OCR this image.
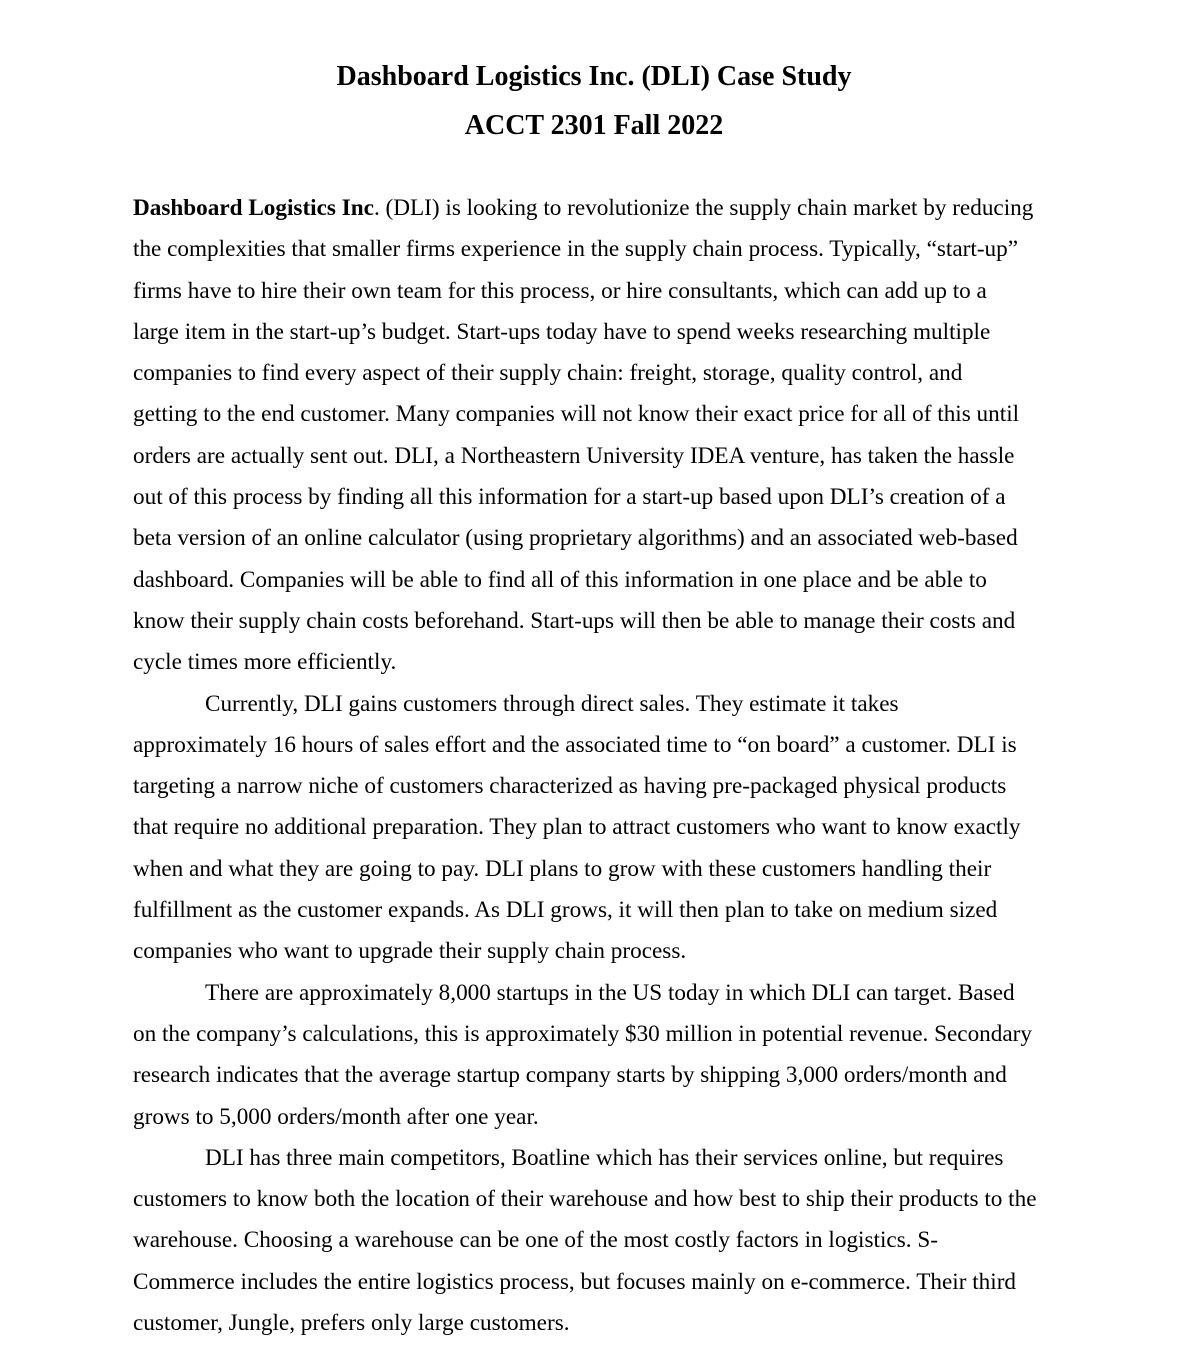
Dashboard Logistics Inc. (DLI) Case Study
ACCT 2301 Fall 2022
Dashboard Logistics Inc. (DLI) is looking to revolutionize the supply chain market by reducing
the complexities that smaller firms experience in the supply chain process. Typically, “start-up”
firms have to hire their own team for this process, or hire consultants, which can add up to a
large item in the start-up’s budget. Start-ups today have to spend weeks researching multiple
companies to find every aspect of their supply chain: freight, storage, quality control, and
getting to the end customer. Many companies will not know their exact price for all of this until
orders are actually sent out. DLI, a Northeastern University IDEA venture, has taken the hassle
out of this process by finding all this information for a start-up based upon DLI’s creation of a
beta version of an online calculator (using proprietary algorithms) and an associated web-based
dashboard. Companies will be able to find all of this information in one place and be able to
know their supply chain costs beforehand. Start-ups will then be able to manage their costs and
cycle times more efficiently.
Currently, DLI gains customers through direct sales. They estimate it takes
approximately 16 hours of sales effort and the associated time to “on board” a customer. DLI is
targeting a narrow niche of customers characterized as having pre-packaged physical products
that require no additional preparation. They plan to attract customers who want to know exactly
when and what they are going to pay. DLI plans to grow with these customers handling their
fulfillment as the customer expands. As DLI grows, it will then plan to take on medium sized
companies who want to upgrade their supply chain process.
There are approximately 8,000 startups in the US today in which DLI can target. Based
on the company’s calculations, this is approximately $30 million in potential revenue. Secondary
research indicates that the average startup company starts by shipping 3,000 orders/month and
grows to 5,000 orders/month after one year.
DLI has three main competitors, Boatline which has their services online, but requires
customers to know both the location of their warehouse and how best to ship their products to the
warehouse. Choosing a warehouse can be one of the most costly factors in logistics. S-
Commerce includes the entire logistics process, but focuses mainly on e-commerce. Their third
customer, Jungle, prefers only large customers.
